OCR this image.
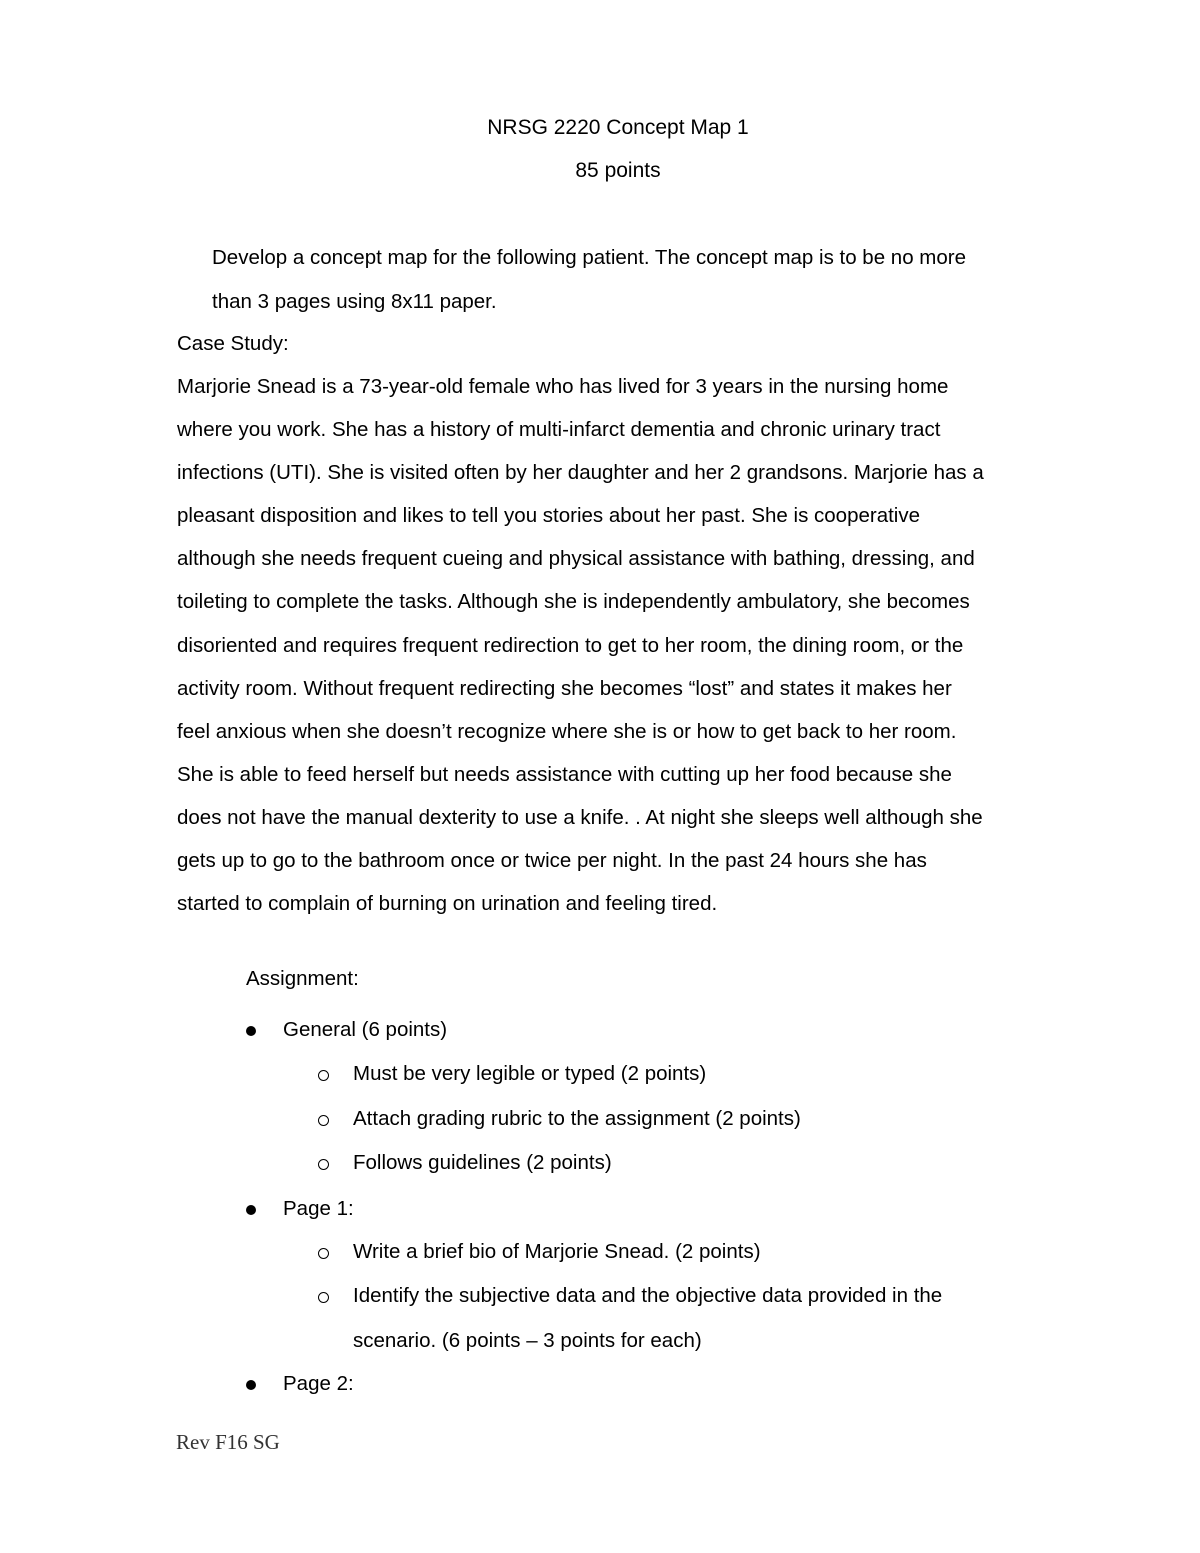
NRSG 2220 Concept Map 1
85 points
Develop a concept map for the following patient. The concept map is to be no more
than 3 pages using 8x11 paper.
Case Study:

Marjorie Snead is a 73-year-old female who has lived for 3 years in the nursing home

where you work. She has a history of multi-infarct dementia and chronic urinary tract

infections (UTI). She is visited often by her daughter and her 2 grandsons. Marjorie has a

pleasant disposition and likes to tell you stories about her past. She is cooperative

although she needs frequent cueing and physical assistance with bathing, dressing, and

toileting to complete the tasks. Although she is independently ambulatory, she becomes

disoriented and requires frequent redirection to get to her room, the dining room, or the

activity room. Without frequent redirecting she becomes “lost” and states it makes her

feel anxious when she doesn’t recognize where she is or how to get back to her room.

She is able to feed herself but needs assistance with cutting up her food because she

does not have the manual dexterity to use a knife. . At night she sleeps well although she

gets up to go to the bathroom once or twice per night. In the past 24 hours she has

started to complain of burning on urination and feeling tired.

Assignment:
General (6 points)
Must be very legible or typed (2 points)
Attach grading rubric to the assignment (2 points)
Follows guidelines (2 points)
Page 1:
Write a brief bio of Marjorie Snead. (2 points)
Identify the subjective data and the objective data provided in the
scenario. (6 points – 3 points for each)
Page 2:
Rev F16 SG
